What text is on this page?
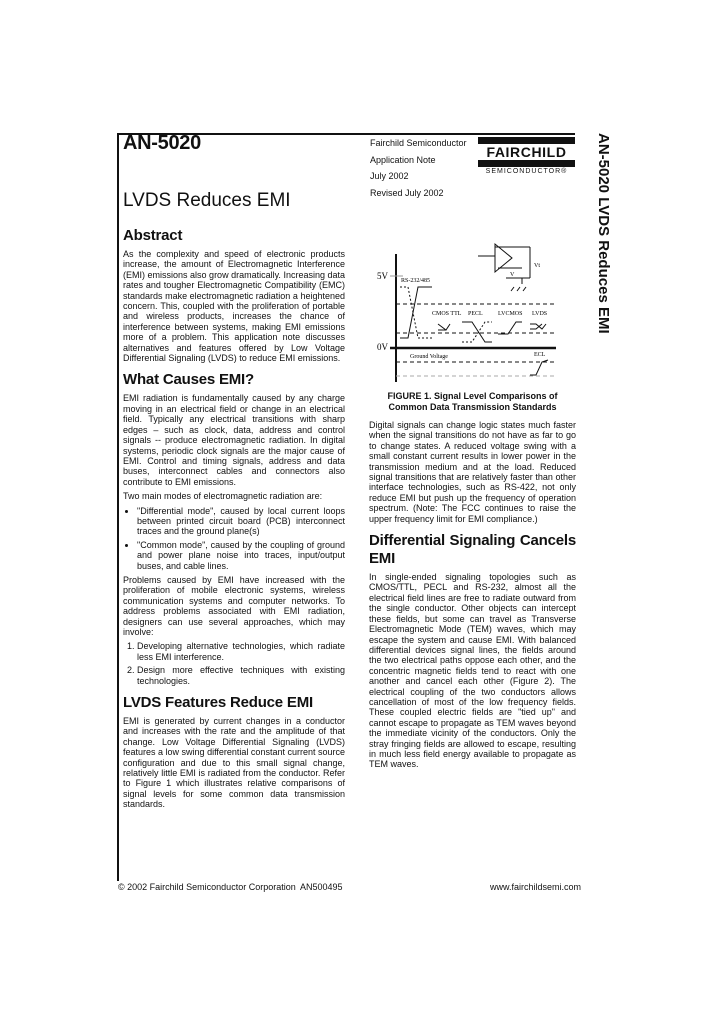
AN-5020	Fairchild Semiconductor
Application Note
July 2002
Revised July 2002
FAIRCHILD
SEMICONDUCTOR®	AN-5020 LVDS Reduces EMI
LVDS Reduces EMI
Abstract

As the complexity and speed of electronic products increase, the amount of Electromagnetic Interference (EMI) emissions also grow dramatically. Increasing data rates and tougher Electromagnetic Compatibility (EMC) standards make electromagnetic radiation a heightened concern. This, coupled with the proliferation of portable and wireless products, increases the chance of interference between systems, making EMI emissions more of a problem. This application note discusses alternatives and features offered by Low Voltage Differential Signaling (LVDS) to reduce EMI emissions.

What Causes EMI?

EMI radiation is fundamentally caused by any charge moving in an electrical field or change in an electrical field. Typically any electrical transitions with sharp edges – such as clock, data, address and control signals -- produce electromagnetic radiation. In digital systems, periodic clock signals are the major cause of EMI. Control and timing signals, address and data buses, interconnect cables and connectors also contribute to EMI emissions.

Two main modes of electromagnetic radiation are:

• "Differential mode", caused by local current loops between printed circuit board (PCB) interconnect traces and the ground plane(s)
• "Common mode", caused by the coupling of ground and power plane noise into traces, input/output buses, and cable lines.

Problems caused by EMI have increased with the proliferation of mobile electronic systems, wireless communication systems and computer networks. To address problems associated with EMI radiation, designers can use several approaches, which may involve:

1. Developing alternative technologies, which radiate less EMI interference.
2. Design more effective techniques with existing technologies.
LVDS Features Reduce EMI

EMI is generated by current changes in a conductor and increases with the rate and the amplitude of that change. Low Voltage Differential Signaling (LVDS) features a low swing differential constant current source configuration and due to this small signal change, relatively little EMI is radiated from the conductor. Refer to Figure 1 which illustrates relative comparisons of signal levels for some common data transmission standards.

5V
0V
RS-232/485
CMOS TTL PECL	LVCMOS LVDS
Ground Voltage	ECL
Vt
V
FIGURE 1. Signal Level Comparisons of Common Data Transmission Standards

Digital signals can change logic states much faster when the signal transitions do not have as far to go to change states. A reduced voltage swing with a small constant current results in lower power in the transmission medium and at the load. Reduced signal transitions that are relatively faster than other interface technologies, such as RS-422, not only reduce EMI but push up the frequency of operation spectrum. (Note: The FCC continues to raise the upper frequency limit for EMI compliance.)

Differential Signaling Cancels EMI

In single-ended signaling topologies such as CMOS/TTL, PECL and RS-232, almost all the electrical field lines are free to radiate outward from the single conductor. Other objects can intercept these fields, but some can travel as Transverse Electromagnetic Mode (TEM) waves, which may escape the system and cause EMI. With balanced differential devices signal lines, the fields around the two electrical paths oppose each other, and the concentric magnetic fields tend to react with one another and cancel each other (Figure 2). The electrical coupling of the two conductors allows cancellation of most of the low frequency fields. These coupled electric fields are "tied up" and cannot escape to propagate as TEM waves beyond the immediate vicinity of the conductors. Only the stray fringing fields are allowed to escape, resulting in much less field energy available to propagate as TEM waves.

© 2002 Fairchild Semiconductor Corporation AN500495	www.fairchildsemi.com
